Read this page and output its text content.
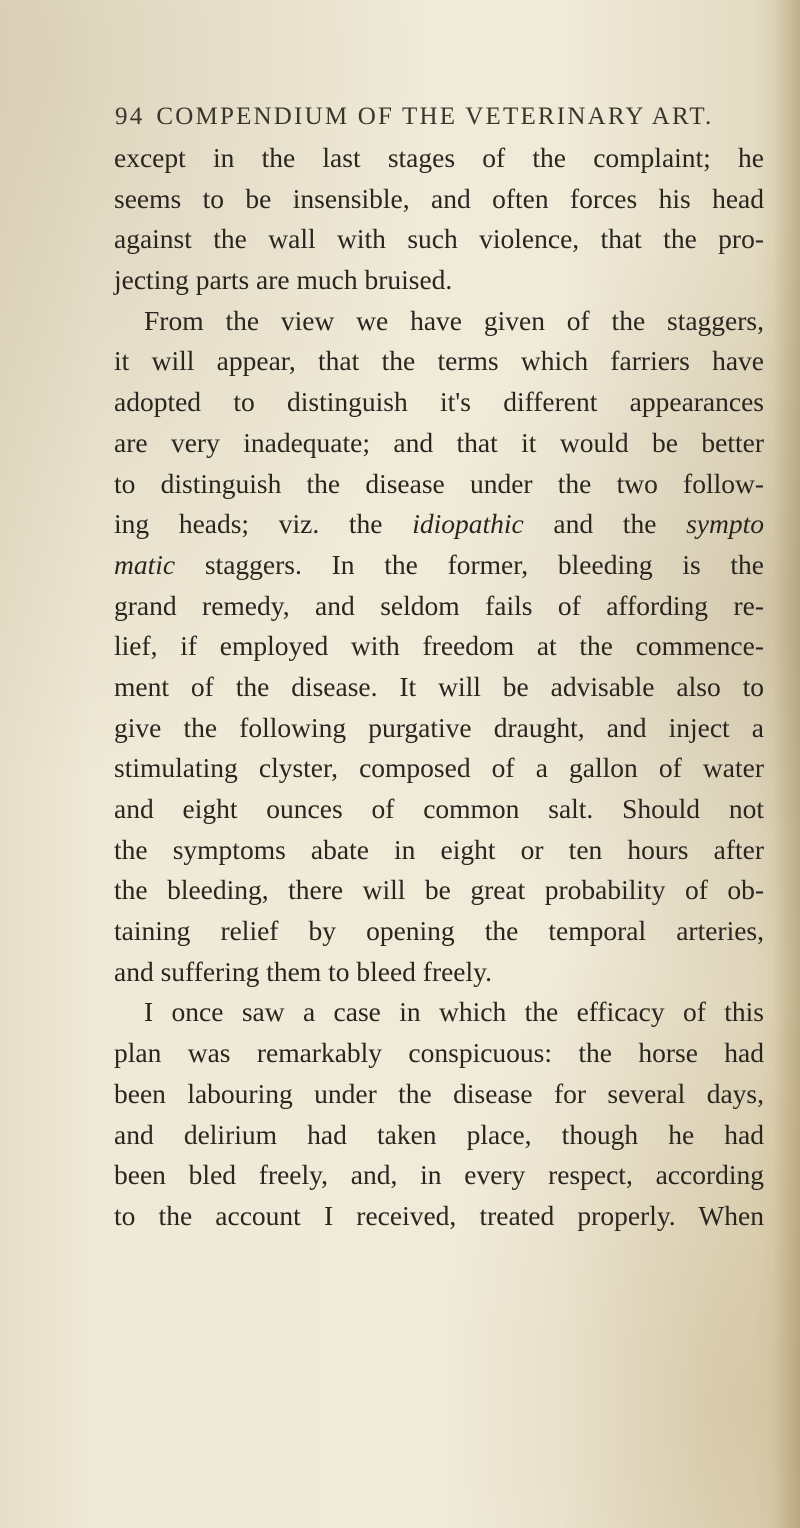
94 COMPENDIUM OF THE VETERINARY ART.
except in the last stages of the complaint; he
seems to be insensible, and often forces his head
against the wall with such violence, that the pro-
jecting parts are much bruised.
From the view we have given of the staggers,
it will appear, that the terms which farriers have
adopted to distinguish it's different appearances
are very inadequate; and that it would be better
to distinguish the disease under the two follow-
ing heads; viz. the idiopathic and the sympto
matic staggers. In the former, bleeding is the
grand remedy, and seldom fails of affording re-
lief, if employed with freedom at the commence-
ment of the disease. It will be advisable also to
give the following purgative draught, and inject a
stimulating clyster, composed of a gallon of water
and eight ounces of common salt. Should not
the symptoms abate in eight or ten hours after
the bleeding, there will be great probability of ob-
taining relief by opening the temporal arteries,
and suffering them to bleed freely.
I once saw a case in which the efficacy of this
plan was remarkably conspicuous: the horse had
been labouring under the disease for several days,
and delirium had taken place, though he had
been bled freely, and, in every respect, according
to the account I received, treated properly. When
